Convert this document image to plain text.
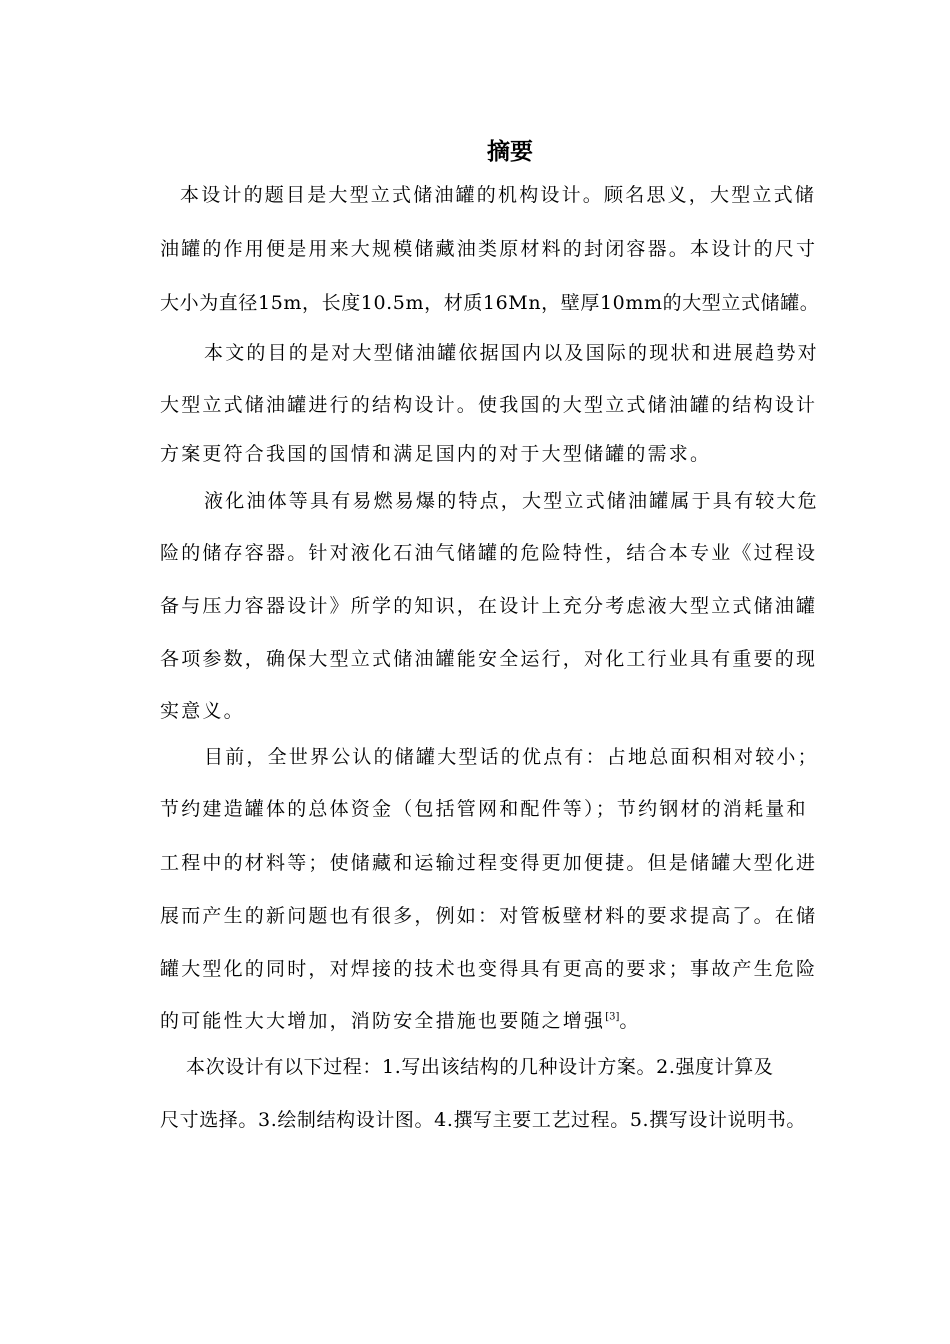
摘要

本设计的题目是大型立式储油罐的机构设计。顾名思义，大型立式储

油罐的作用便是用来大规模储藏油类原材料的封闭容器。本设计的尺寸

大小为直径15m，长度10.5m，材质16Mn，壁厚10mm的大型立式储罐。

本文的目的是对大型储油罐依据国内以及国际的现状和进展趋势对

大型立式储油罐进行的结构设计。使我国的大型立式储油罐的结构设计

方案更符合我国的国情和满足国内的对于大型储罐的需求。

液化油体等具有易燃易爆的特点，大型立式储油罐属于具有较大危

险的储存容器。针对液化石油气储罐的危险特性，结合本专业《过程设

备与压力容器设计》所学的知识，在设计上充分考虑液大型立式储油罐

各项参数，确保大型立式储油罐能安全运行，对化工行业具有重要的现

实意义。

目前，全世界公认的储罐大型话的优点有：占地总面积相对较小；

节约建造罐体的总体资金（包括管网和配件等）；节约钢材的消耗量和

工程中的材料等；使储藏和运输过程变得更加便捷。但是储罐大型化进

展而产生的新问题也有很多，例如：对管板壁材料的要求提高了。在储

罐大型化的同时，对焊接的技术也变得具有更高的要求；事故产生危险

的可能性大大增加，消防安全措施也要随之增强[3]。

本次设计有以下过程：1.写出该结构的几种设计方案。2.强度计算及

尺寸选择。3.绘制结构设计图。4.撰写主要工艺过程。5.撰写设计说明书。
